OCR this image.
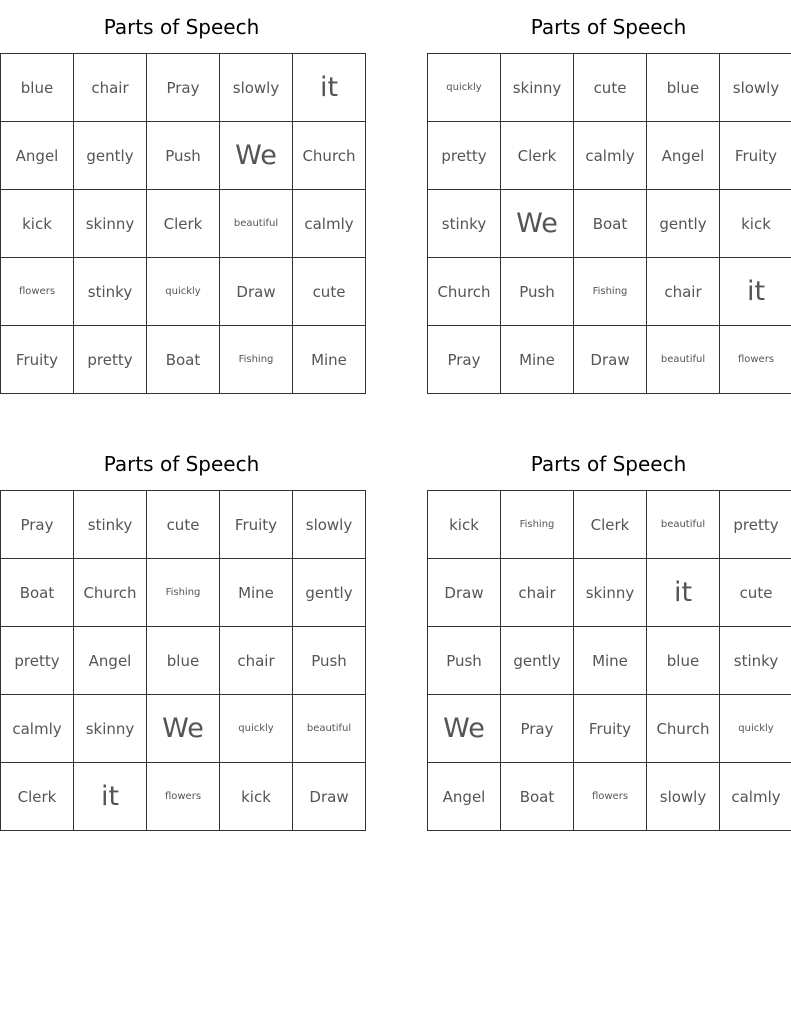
Parts of Speech
blue	chair	Pray	slowly	it
Angel	gently	Push	We	Church
kick	skinny	Clerk	beautiful	calmly
flowers	stinky	quickly	Draw	cute
Fruity	pretty	Boat	Fishing	Mine
Parts of Speech
quickly	skinny	cute	blue	slowly
pretty	Clerk	calmly	Angel	Fruity
stinky	We	Boat	gently	kick
Church	Push	Fishing	chair	it
Pray	Mine	Draw	beautiful	flowers
Parts of Speech
Pray	stinky	cute	Fruity	slowly
Boat	Church	Fishing	Mine	gently
pretty	Angel	blue	chair	Push
calmly	skinny	We	quickly	beautiful
Clerk	it	flowers	kick	Draw
Parts of Speech
kick	Fishing	Clerk	beautiful	pretty
Draw	chair	skinny	it	cute
Push	gently	Mine	blue	stinky
We	Pray	Fruity	Church	quickly
Angel	Boat	flowers	slowly	calmly
